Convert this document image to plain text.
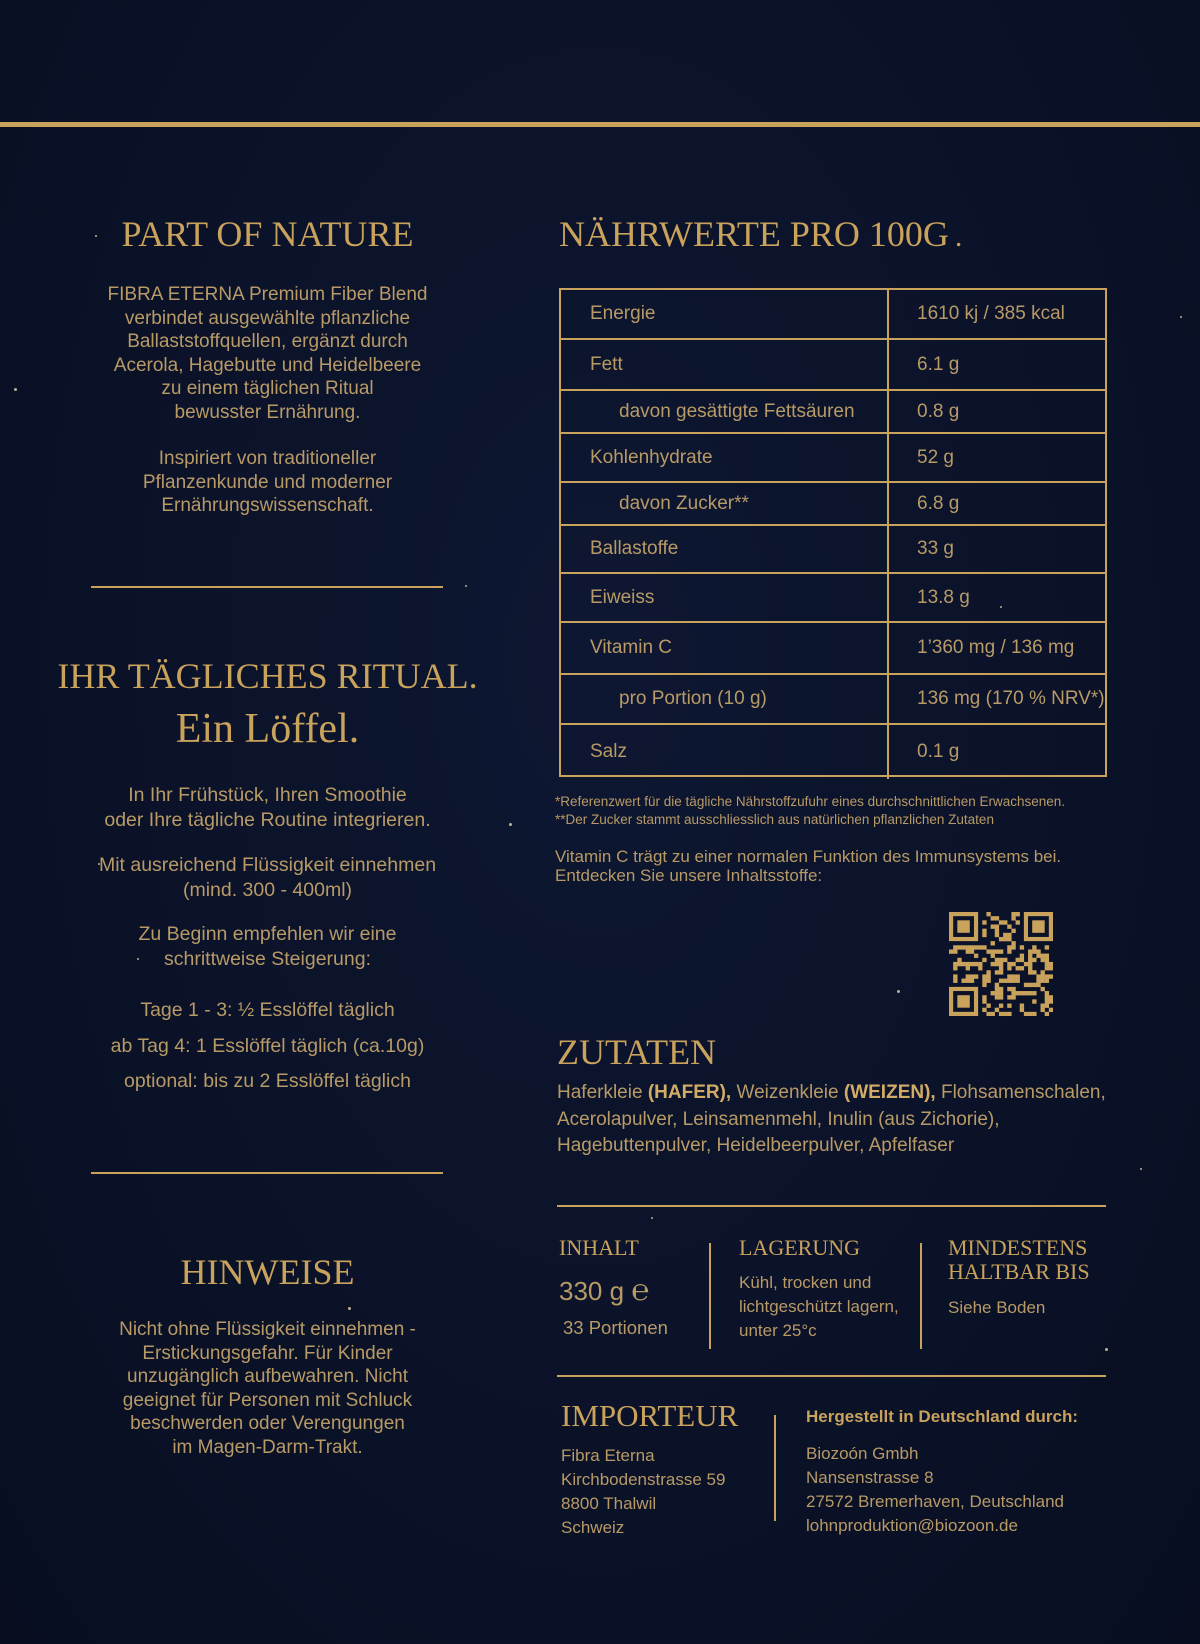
PART OF NATURE
FIBRA ETERNA Premium Fiber Blend
verbindet ausgewählte pflanzliche
Ballaststoffquellen, ergänzt durch
Acerola, Hagebutte und Heidelbeere
zu einem täglichen Ritual
bewusster Ernährung.
Inspiriert von traditioneller
Pflanzenkunde und moderner
Ernährungswissenschaft.
IHR TÄGLICHES RITUAL.
Ein Löffel.
In Ihr Frühstück, Ihren Smoothie
oder Ihre tägliche Routine integrieren.
Mit ausreichend Flüssigkeit einnehmen
(mind. 300 - 400ml)
Zu Beginn empfehlen wir eine
schrittweise Steigerung:
Tage 1 - 3: ½ Esslöffel täglich
ab Tag 4: 1 Esslöffel täglich (ca.10g)
optional: bis zu 2 Esslöffel täglich
HINWEISE
Nicht ohne Flüssigkeit einnehmen -
Erstickungsgefahr. Für Kinder
unzugänglich aufbewahren. Nicht
geeignet für Personen mit Schluck
beschwerden oder Verengungen
im Magen-Darm-Trakt.
NÄHRWERTE PRO 100G .
Energie	1610 kj / 385 kcal
Fett	6.1 g
davon gesättigte Fettsäuren	0.8 g
Kohlenhydrate	52 g
davon Zucker**	6.8 g
Ballastoffe	33 g
Eiweiss	13.8 g
Vitamin C	1’360 mg / 136 mg
pro Portion (10 g)	136 mg (170 % NRV*)
Salz	0.1 g
*Referenzwert für die tägliche Nährstoffzufuhr eines durchschnittlichen Erwachsenen.
**Der Zucker stammt ausschliesslich aus natürlichen pflanzlichen Zutaten
Vitamin C trägt zu einer normalen Funktion des Immunsystems bei.
Entdecken Sie unsere Inhaltsstoffe:
ZUTATEN
Haferkleie (HAFER), Weizenkleie (WEIZEN), Flohsamenschalen,
Acerolapulver, Leinsamenmehl, Inulin (aus Zichorie),
Hagebuttenpulver, Heidelbeerpulver, Apfelfaser
INHALT
330 g ℮
33 Portionen
LAGERUNG
Kühl, trocken und
lichtgeschützt lagern,
unter 25°c
MINDESTENS
HALTBAR BIS
Siehe Boden
IMPORTEUR
Fibra Eterna
Kirchbodenstrasse 59
8800 Thalwil
Schweiz
Hergestellt in Deutschland durch:
Biozoón Gmbh
Nansenstrasse 8
27572 Bremerhaven, Deutschland
lohnproduktion@biozoon.de
